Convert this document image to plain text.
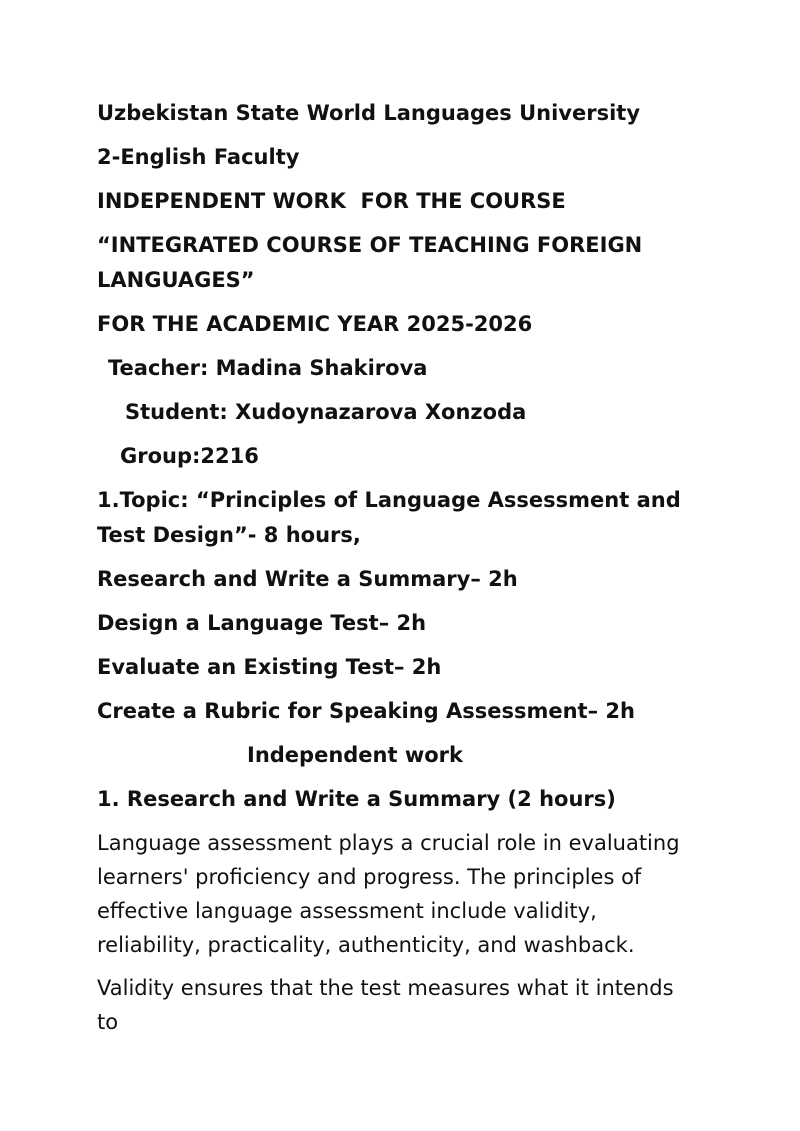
Uzbekistan State World Languages University
2-English Faculty
INDEPENDENT WORK  FOR THE COURSE
“INTEGRATED COURSE OF TEACHING FOREIGN LANGUAGES”
FOR THE ACADEMIC YEAR 2025-2026
Teacher: Madina Shakirova
Student: Xudoynazarova Xonzoda
Group:2216
1.Topic: “Principles of Language Assessment and Test Design”- 8 hours,
Research and Write a Summary– 2h
Design a Language Test– 2h
Evaluate an Existing Test– 2h
Create a Rubric for Speaking Assessment– 2h
Independent work
1. Research and Write a Summary (2 hours)

Language assessment plays a crucial role in evaluating learners' proficiency and progress. The principles of effective language assessment include validity, reliability, practicality, authenticity, and washback.

Validity ensures that the test measures what it intends to
